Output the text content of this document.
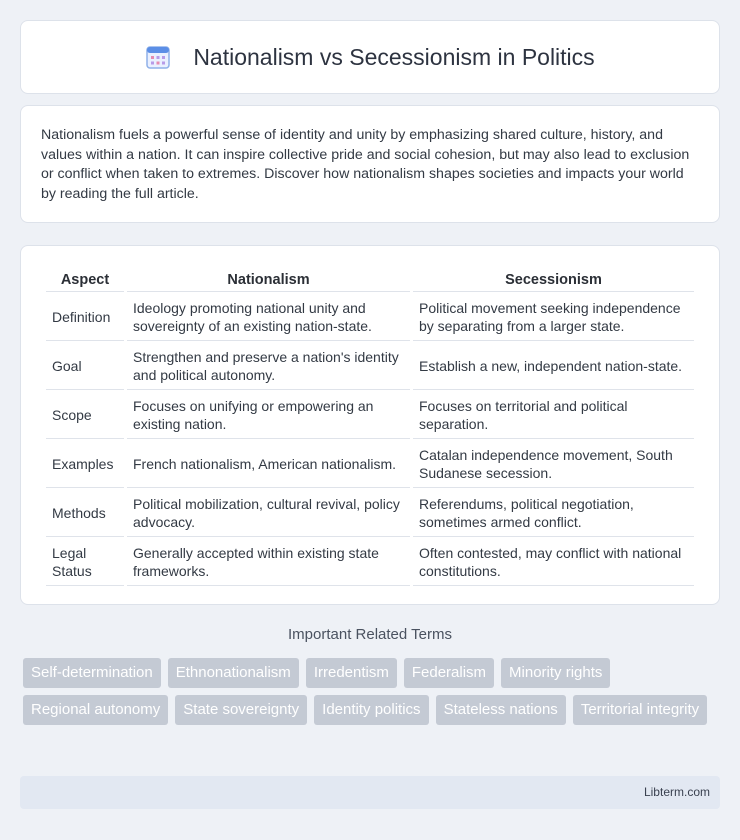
Nationalism vs Secessionism in Politics

Nationalism fuels a powerful sense of identity and unity by emphasizing shared culture, history, and values within a nation. It can inspire collective pride and social cohesion, but may also lead to exclusion or conflict when taken to extremes. Discover how nationalism shapes societies and impacts your world by reading the full article.

Aspect	Nationalism	Secessionism
Definition	Ideology promoting national unity and sovereignty of an existing nation-state.	Political movement seeking independence by separating from a larger state.
Goal	Strengthen and preserve a nation's identity and political autonomy.	Establish a new, independent nation-state.
Scope	Focuses on unifying or empowering an existing nation.	Focuses on territorial and political separation.
Examples	French nationalism, American nationalism.	Catalan independence movement, South Sudanese secession.
Methods	Political mobilization, cultural revival, policy advocacy.	Referendums, political negotiation, sometimes armed conflict.
Legal Status	Generally accepted within existing state frameworks.	Often contested, may conflict with national constitutions.
Important Related Terms
Self-determination	Ethnonationalism	Irredentism	Federalism	Minority rights
Regional autonomy	State sovereignty	Identity politics	Stateless nations	Territorial integrity
Libterm.com
